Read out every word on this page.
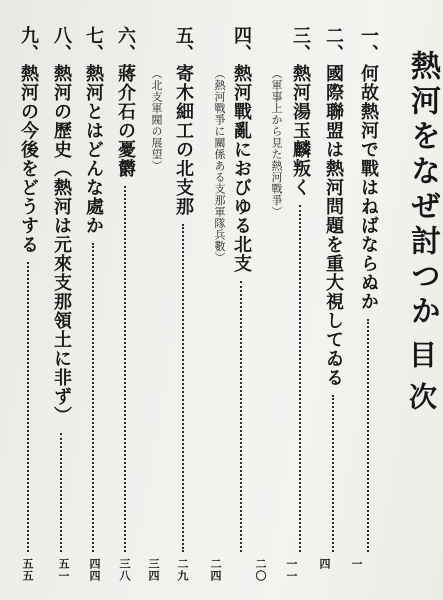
熱河をなぜ討つか
目次
一、
何故熱河で戰はねばならぬか
二、
國際聯盟は熱河問題を重大視してゐる
三、
熱河湯玉麟叛く
（軍事上から見た熱河戰爭）
四、
熱河戰亂におびゆる北支
（熱河戰爭に關係ある支那軍隊兵數）
五、
寄木細工の北支那
（北支軍閥の展望）
六、
蔣介石の憂欝
七、
熱河とはどんな處か
八、
熱河の歷史（熱河は元來支那領土に非ず）
九、
熱河の今後をどうする
一
四
一一
二〇
二四
二九
三四
三八
四四
五一
五五
